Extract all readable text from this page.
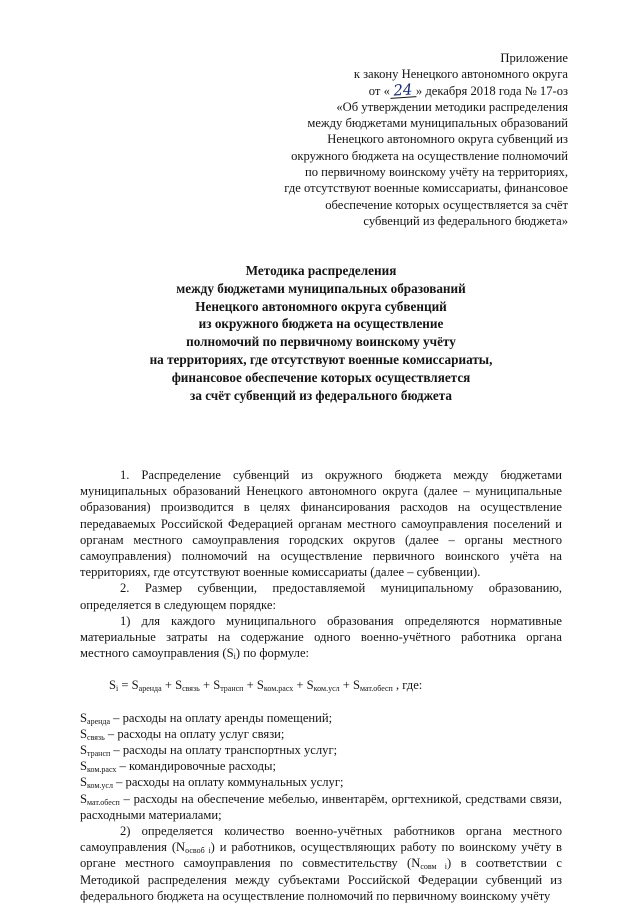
Приложение
к закону Ненецкого автономного округа
от « 24 » декабря 2018 года № 17-оз
«Об утверждении методики распределения
между бюджетами муниципальных образований
Ненецкого автономного округа субвенций из
окружного бюджета на осуществление полномочий
по первичному воинскому учёту на территориях,
где отсутствуют военные комиссариаты, финансовое
обеспечение которых осуществляется за счёт
субвенций из федерального бюджета»
Методика распределения
между бюджетами муниципальных образований
Ненецкого автономного округа субвенций
из окружного бюджета на осуществление
полномочий по первичному воинскому учёту
на территориях, где отсутствуют военные комиссариаты,
финансовое обеспечение которых осуществляется
за счёт субвенций из федерального бюджета

1. Распределение субвенций из окружного бюджета между бюджетами муниципальных образований Ненецкого автономного округа (далее – муниципальные образования) производится в целях финансирования расходов на осуществление передаваемых Российской Федерацией органам местного самоуправления поселений и органам местного самоуправления городских округов (далее – органы местного самоуправления) полномочий на осуществление первичного воинского учёта на территориях, где отсутствуют военные комиссариаты (далее – субвенции).

2. Размер субвенции, предоставляемой муниципальному образованию, определяется в следующем порядке:

1) для каждого муниципального образования определяются нормативные материальные затраты на содержание одного военно-учётного работника органа местного самоуправления $(S_i)$ по формуле:

$S_i = S_{аренда} + S_{связь} + S_{трансп} + S_{ком.расх} + S_{ком.усл} + S_{мат.обесп}$ , где:

$S_{аренда}$ – расходы на оплату аренды помещений;

$S_{связь}$ – расходы на оплату услуг связи;

$S_{трансп}$ – расходы на оплату транспортных услуг;

$S_{ком.расх}$ – командировочные расходы;

$S_{ком.усл}$ – расходы на оплату коммунальных услуг;

$S_{мат.обесп}$ – расходы на обеспечение мебелью, инвентарём, оргтехникой, средствами связи, расходными материалами;

2) определяется количество военно-учётных работников органа местного самоуправления $(N_{освоб i})$ и работников, осуществляющих работу по воинскому учёту в органе местного самоуправления по совместительству $(N_{совм i})$ в соответствии с Методикой распределения между субъектами Российской Федерации субвенций из федерального бюджета на осуществление полномочий по первичному воинскому учёту
